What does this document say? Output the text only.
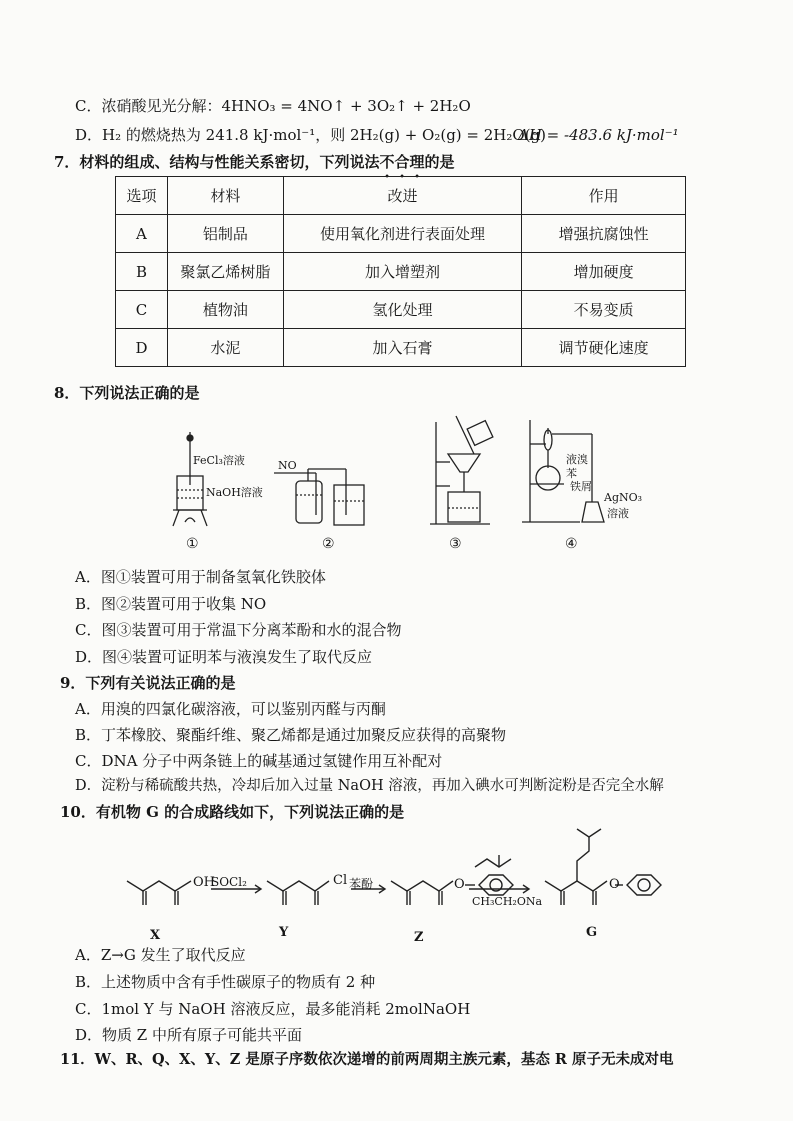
C．浓硝酸见光分解：4HNO₃ = 4NO↑ + 3O₂↑ + 2H₂O
D．H₂ 的燃烧热为 241.8 kJ·mol⁻¹，则 2H₂(g) + O₂(g) = 2H₂O(g)
ΔH = -483.6 kJ·mol⁻¹
7．材料的组成、结构与性能关系密切，下列说法不合理的是
选项	材料	改进	作用
A	铝制品	使用氧化剂进行表面处理	增强抗腐蚀性
B	聚氯乙烯树脂	加入增塑剂	增加硬度
C	植物油	氢化处理	不易变质
D	水泥	加入石膏	调节硬化速度
8．下列说法正确的是
FeCl₃溶液
NaOH溶液
NO	液溴
苯
铁屑
AgNO₃
溶液
①	②	③	④
A．图①装置可用于制备氢氧化铁胶体
B．图②装置可用于收集 NO
C．图③装置可用于常温下分离苯酚和水的混合物
D．图④装置可证明苯与液溴发生了取代反应
9．下列有关说法正确的是
A．用溴的四氯化碳溶液，可以鉴别丙醛与丙酮
B．丁苯橡胶、聚酯纤维、聚乙烯都是通过加聚反应获得的高聚物
C．DNA 分子中两条链上的碱基通过氢键作用互补配对
D．淀粉与稀硫酸共热，冷却后加入过量 NaOH 溶液，再加入碘水可判断淀粉是否完全水解
10．有机物 G 的合成路线如下，下列说法正确的是
OH	Cl	O	O
SOCl₂	苯酚
CH₃CH₂ONa
X	Y	Z	G
A．Z→G 发生了取代反应
B．上述物质中含有手性碳原子的物质有 2 种
C．1mol Y 与 NaOH 溶液反应，最多能消耗 2molNaOH
D．物质 Z 中所有原子可能共平面
11．W、R、Q、X、Y、Z 是原子序数依次递增的前两周期主族元素，基态 R 原子无未成对电
